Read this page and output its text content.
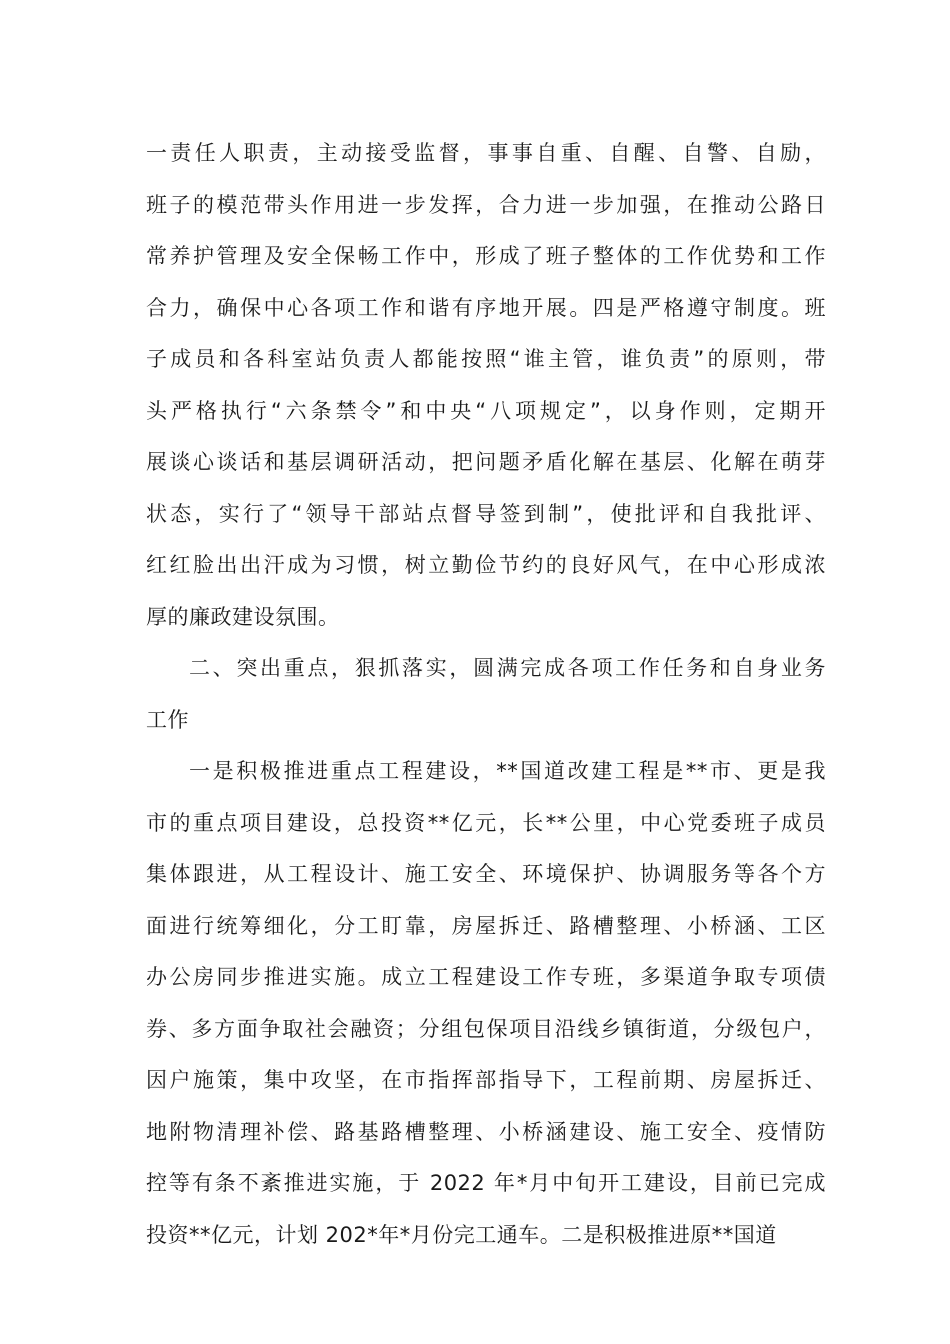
一责任人职责，主动接受监督，事事自重、自醒、自警、自励，
班子的模范带头作用进一步发挥，合力进一步加强，在推动公路日
常养护管理及安全保畅工作中，形成了班子整体的工作优势和工作
合力，确保中心各项工作和谐有序地开展。四是严格遵守制度。班
子成员和各科室站负责人都能按照“谁主管，谁负责”的原则，带
头严格执行“六条禁令”和中央“八项规定”，以身作则，定期开
展谈心谈话和基层调研活动，把问题矛盾化解在基层、化解在萌芽
状态，实行了“领导干部站点督导签到制”，使批评和自我批评、
红红脸出出汗成为习惯，树立勤俭节约的良好风气，在中心形成浓
厚的廉政建设氛围。
二、突出重点，狠抓落实，圆满完成各项工作任务和自身业务
工作
一是积极推进重点工程建设，**国道改建工程是**市、更是我
市的重点项目建设，总投资**亿元，长**公里，中心党委班子成员
集体跟进，从工程设计、施工安全、环境保护、协调服务等各个方
面进行统筹细化，分工盯靠，房屋拆迁、路槽整理、小桥涵、工区
办公房同步推进实施。成立工程建设工作专班，多渠道争取专项债
券、多方面争取社会融资；分组包保项目沿线乡镇街道，分级包户，
因户施策，集中攻坚，在市指挥部指导下，工程前期、房屋拆迁、
地附物清理补偿、路基路槽整理、小桥涵建设、施工安全、疫情防
控等有条不紊推进实施，于 2022 年*月中旬开工建设，目前已完成
投资**亿元，计划 202*年*月份完工通车。二是积极推进原**国道
